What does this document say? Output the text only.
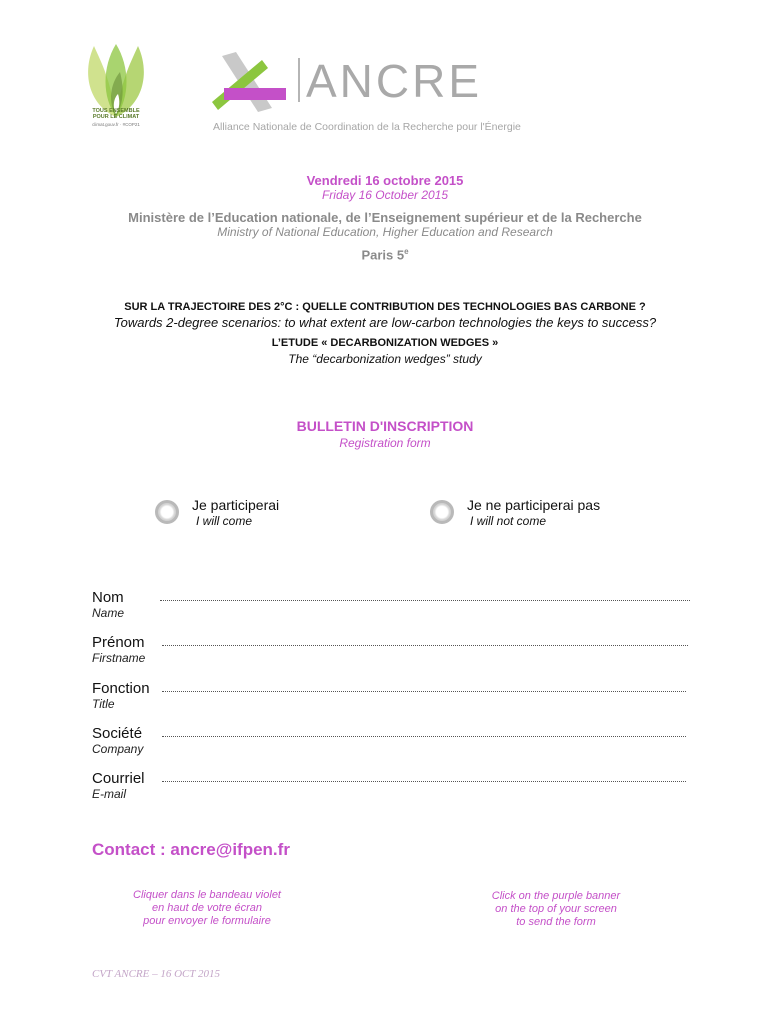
TOUS ENSEMBLE
POUR LE CLIMAT
climat.gouv.fr · #COP21
ANCRE
Alliance Nationale de Coordination de la Recherche pour l'Énergie
Vendredi 16 octobre 2015
Friday 16 October 2015
Ministère de l’Education nationale, de l’Enseignement supérieur et de la Recherche
Ministry of National Education, Higher Education and Research
Paris 5e
SUR LA TRAJECTOIRE DES 2°C : QUELLE CONTRIBUTION DES TECHNOLOGIES BAS CARBONE ?
Towards 2-degree scenarios: to what extent are low-carbon technologies the keys to success?
L’ETUDE « DECARBONIZATION WEDGES »
The “decarbonization wedges” study
BULLETIN D'INSCRIPTION
Registration form
Je participerai
I will come
Je ne participerai pas
I will not come
Nom
Name
Prénom
Firstname
Fonction
Title
Société
Company
Courriel
E-mail
Contact : ancre@ifpen.fr
Cliquer dans le bandeau violet
en haut de votre écran
pour envoyer le formulaire
Click on the purple banner
on the top of your screen
to send the form
CVT ANCRE – 16 OCT 2015
